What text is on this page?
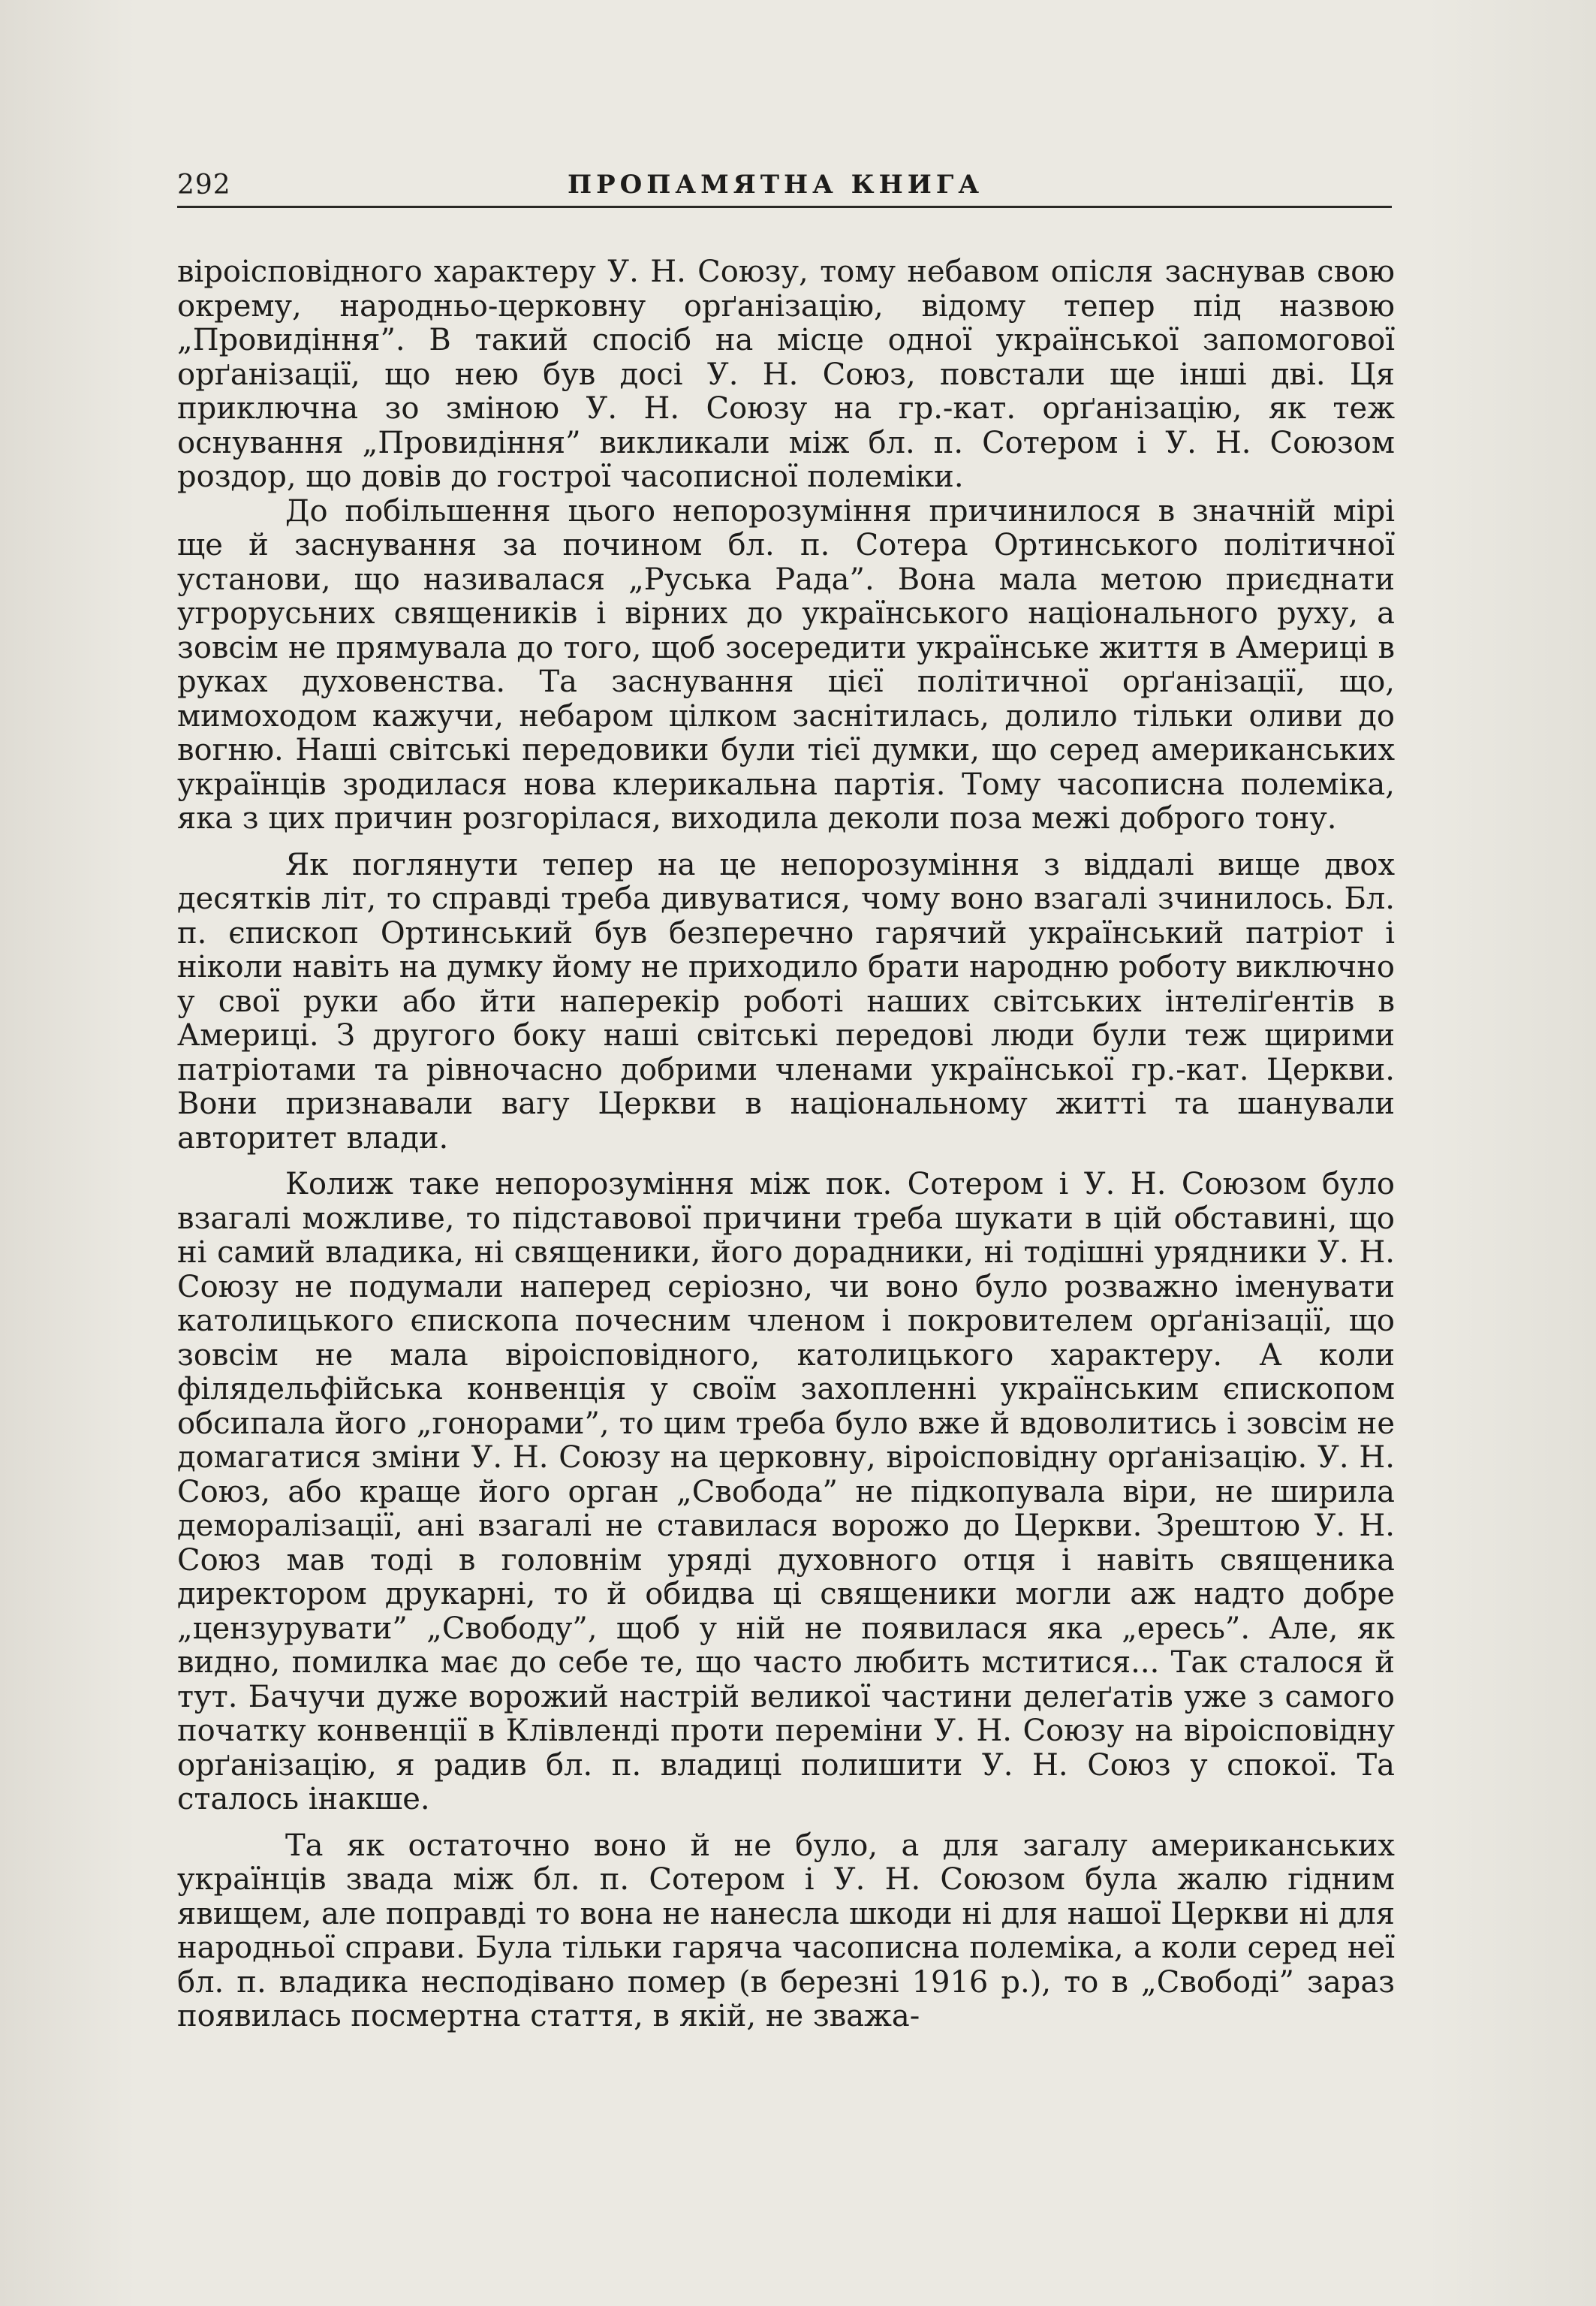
292	ПРОПАМЯТНА КНИГА

віроісповідного характеру У. Н. Союзу, тому небавом опісля заснував свою окрему, народньо-церковну орґанізацію, відому тепер під назвою „Провидіння”. В такий спосіб на місце одної української запомогової орґанізації, що нею був досі У. Н. Союз, повстали ще інші дві. Ця приключна зо зміною У. Н. Союзу на гр.-кат. орґанізацію, як теж оснування „Провидіння” викликали між бл. п. Сотером і У. Н. Союзом роздор, що довів до гострої часописної полеміки.

До побільшення цього непорозуміння причинилося в значній мірі ще й заснування за почином бл. п. Сотера Ортинського політичної установи, що називалася „Руська Рада”. Вона мала метою приєднати угрорусьних священиків і вірних до українського національного руху, а зовсім не прямувала до того, щоб зосередити українське життя в Америці в руках духовенства. Та заснування цієї політичної орґанізації, що, мимоходом кажучи, небаром цілком заснітилась, долило тільки оливи до вогню. Наші світські передовики були тієї думки, що серед американських українців зродилася нова клерикальна партія. Тому часописна полеміка, яка з цих причин розгорілася, виходила деколи поза межі доброго тону.

Як поглянути тепер на це непорозуміння з віддалі вище двох десятків літ, то справді треба дивуватися, чому воно взагалі зчинилось. Бл. п. єпископ Ортинський був безперечно гарячий український патріот і ніколи навіть на думку йому не приходило брати народню роботу виключно у свої руки або йти наперекір роботі наших світських інтеліґентів в Америці. З другого боку наші світські передові люди були теж щирими патріотами та рівночасно добрими членами української гр.-кат. Церкви. Вони признавали вагу Церкви в національному житті та шанували авторитет влади.

Колиж таке непорозуміння між пок. Сотером і У. Н. Союзом було взагалі можливе, то підставової причини треба шукати в цій обставині, що ні самий владика, ні священики, його дорадники, ні тодішні урядники У. Н. Союзу не подумали наперед серіозно, чи воно було розважно іменувати католицького єпископа почесним членом і покровителем орґанізації, що зовсім не мала віроісповідного, католицького характеру. А коли філядельфійська конвенція у своїм захопленні українським єпископом обсипала його „гонорами”, то цим треба було вже й вдоволитись і зовсім не домагатися зміни У. Н. Союзу на церковну, віроісповідну орґанізацію. У. Н. Союз, або краще його орган „Свобода” не підкопувала віри, не ширила деморалізації, ані взагалі не ставилася ворожо до Церкви. Зрештою У. Н. Союз мав тоді в головнім уряді духовного отця і навіть священика директором друкарні, то й обидва ці священики могли аж надто добре „цензурувати” „Свободу”, щоб у ній не появилася яка „ересь”. Але, як видно, помилка має до себе те, що часто любить мститися... Так сталося й тут. Бачучи дуже ворожий настрій великої частини делеґатів уже з самого початку конвенції в Клівленді проти переміни У. Н. Союзу на віроісповідну орґанізацію, я радив бл. п. владиці полишити У. Н. Союз у спокої. Та сталось інакше.

Та як остаточно воно й не було, а для загалу американських українців звада між бл. п. Сотером і У. Н. Союзом була жалю гідним явищем, але поправді то вона не нанесла шкоди ні для нашої Церкви ні для народньої справи. Була тільки гаряча часописна полеміка, а коли серед неї бл. п. владика несподівано помер (в березні 1916 р.), то в „Свободі” зараз появилась посмертна стаття, в якій, не зважа-
